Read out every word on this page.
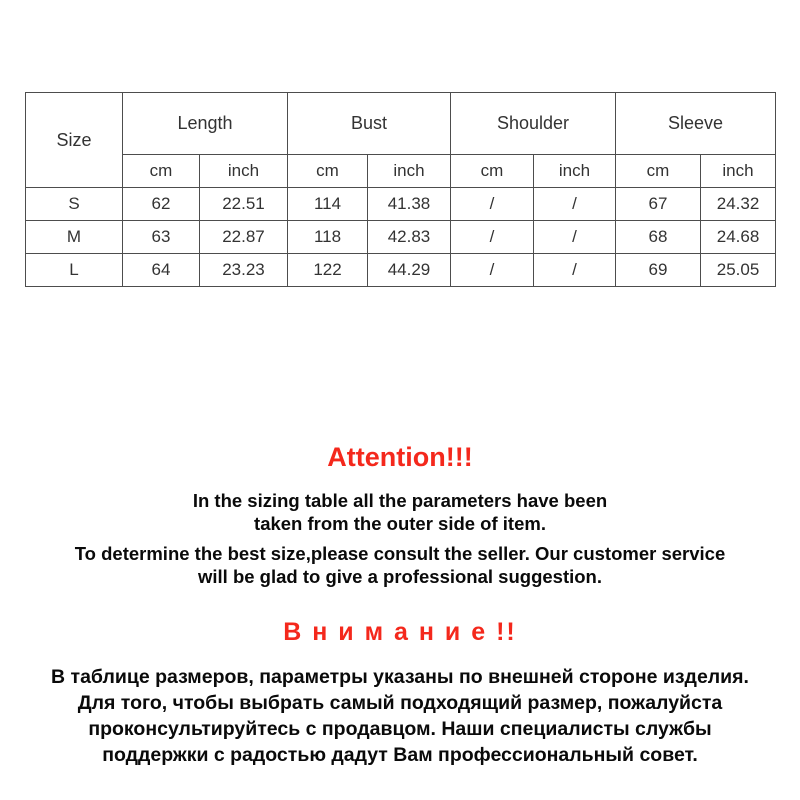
Size	Length		Bust		Shoulder		Sleeve	
	cm	inch	cm	inch	cm	inch	cm	inch
S	62	22.51	114	41.38	/	/	67	24.32
M	63	22.87	118	42.83	/	/	68	24.68
L	64	23.23	122	44.29	/	/	69	25.05
Attention!!!
In the sizing table all the parameters have been
taken from the outer side of item.
To determine the best size,please consult the seller. Our customer service
will be glad to give a professional suggestion.
В н и м а н и е !!
В таблице размеров, параметры указаны по внешней стороне изделия.
Для того, чтобы выбрать самый подходящий размер, пожалуйста
проконсультируйтесь с продавцом. Наши специалисты службы
поддержки с радостью дадут Вам профессиональный совет.
